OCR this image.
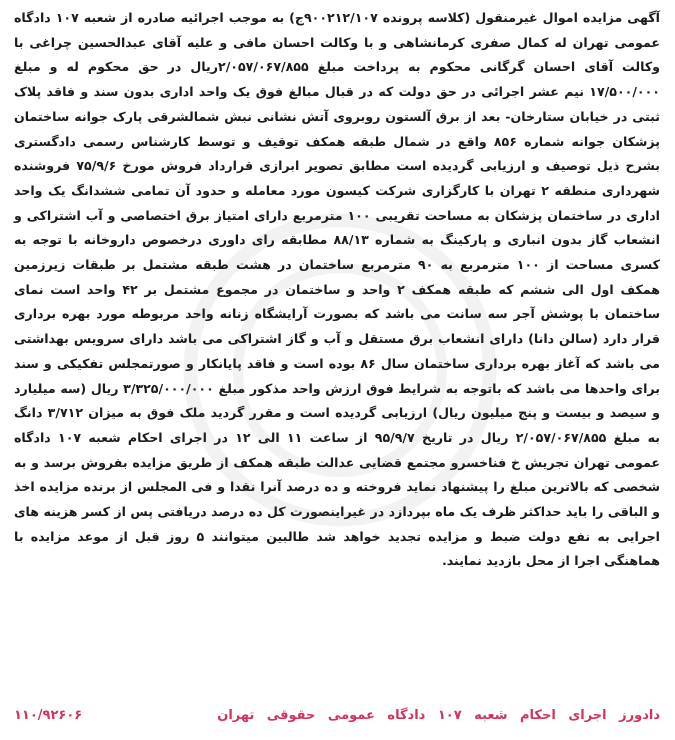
آگهی مزایده اموال غیرمنقول (کلاسه پرونده ۹۰۰۲۱۲/۱۰۷ج) به موجب اجرائیه صادره از شعبه ۱۰۷ دادگاه عمومی تهران له کمال صفری کرمانشاهی و با وکالت احسان مافی و علیه آقای عبدالحسین چراغی با وکالت آقای احسان گرگانی محکوم به پرداخت مبلغ ۲/۰۵۷/۰۶۷/۸۵۵ریال در حق محکوم له و مبلغ ۱۷/۵۰۰/۰۰۰ نیم عشر اجرائی در حق دولت که در قبال مبالغ فوق یک واحد اداری بدون سند و فاقد پلاک ثبتی در خیابان ستارخان- بعد از برق آلستون روبروی آتش نشانی نبش شمالشرقی پارک جوانه ساختمان پزشکان جوانه شماره ۸۵۶ واقع در شمال طبقه همکف توقیف و توسط کارشناس رسمی دادگستری بشرح ذیل توصیف و ارزیابی گردیده است مطابق تصویر ابرازی قرارداد فروش مورخ ۷۵/۹/۶ فروشنده شهرداری منطقه ۲ تهران با کارگزاری شرکت کیسون مورد معامله و حدود آن تمامی ششدانگ یک واحد اداری در ساختمان پزشکان به مساحت تقریبی ۱۰۰ مترمربع دارای امتیاز برق اختصاصی و آب اشتراکی و انشعاب گاز بدون انباری و پارکینگ به شماره ۸۸/۱۳ مطابقه رای داوری درخصوص داروخانه با توجه به کسری مساحت از ۱۰۰ مترمربع به ۹۰ مترمربع ساختمان در هشت طبقه مشتمل بر طبقات زیرزمین همکف اول الی ششم که طبقه همکف ۲ واحد و ساختمان در مجموع مشتمل بر ۴۲ واحد است نمای ساختمان با پوشش آجر سه سانت می باشد که بصورت آرایشگاه زنانه واحد مربوطه مورد بهره برداری قرار دارد (سالن دانا) دارای انشعاب برق مستقل و آب و گاز اشتراکی می باشد دارای سرویس بهداشتی می باشد که آغاز بهره برداری ساختمان سال ۸۶ بوده است و فاقد پایانکار و صورتمجلس تفکیکی و سند برای واحدها می باشد که باتوجه به شرایط فوق ارزش واحد مذکور مبلغ ۳/۳۲۵/۰۰۰/۰۰۰ ریال (سه میلیارد و سیصد و بیست و پنج میلیون ریال) ارزیابی گردیده است و مقرر گردید ملک فوق به میزان ۳/۷۱۲ دانگ به مبلغ ۲/۰۵۷/۰۶۷/۸۵۵ ریال در تاریخ ۹۵/۹/۷ از ساعت ۱۱ الی ۱۲ در اجرای احکام شعبه ۱۰۷ دادگاه عمومی تهران تجریش خ فناخسرو مجتمع قضایی عدالت طبقه همکف از طریق مزایده بفروش برسد و به شخصی که بالاترین مبلغ را پیشنهاد نماید فروخته و ده درصد آنرا نقدا و فی المجلس از برنده مزایده اخذ و الباقی را باید حداکثر ظرف یک ماه بپردازد در غیراینصورت کل ده درصد دریافتی پس از کسر هزینه های اجرایی به نفع دولت ضبط و مزایده تجدید خواهد شد طالبین میتوانند ۵ روز قبل از موعد مزایده با هماهنگی اجرا از محل بازدید نمایند.

دادورز اجرای احکام شعبه ۱۰۷ دادگاه عمومی حقوقی تهران
۱۱۰/۹۲۶۰۶
